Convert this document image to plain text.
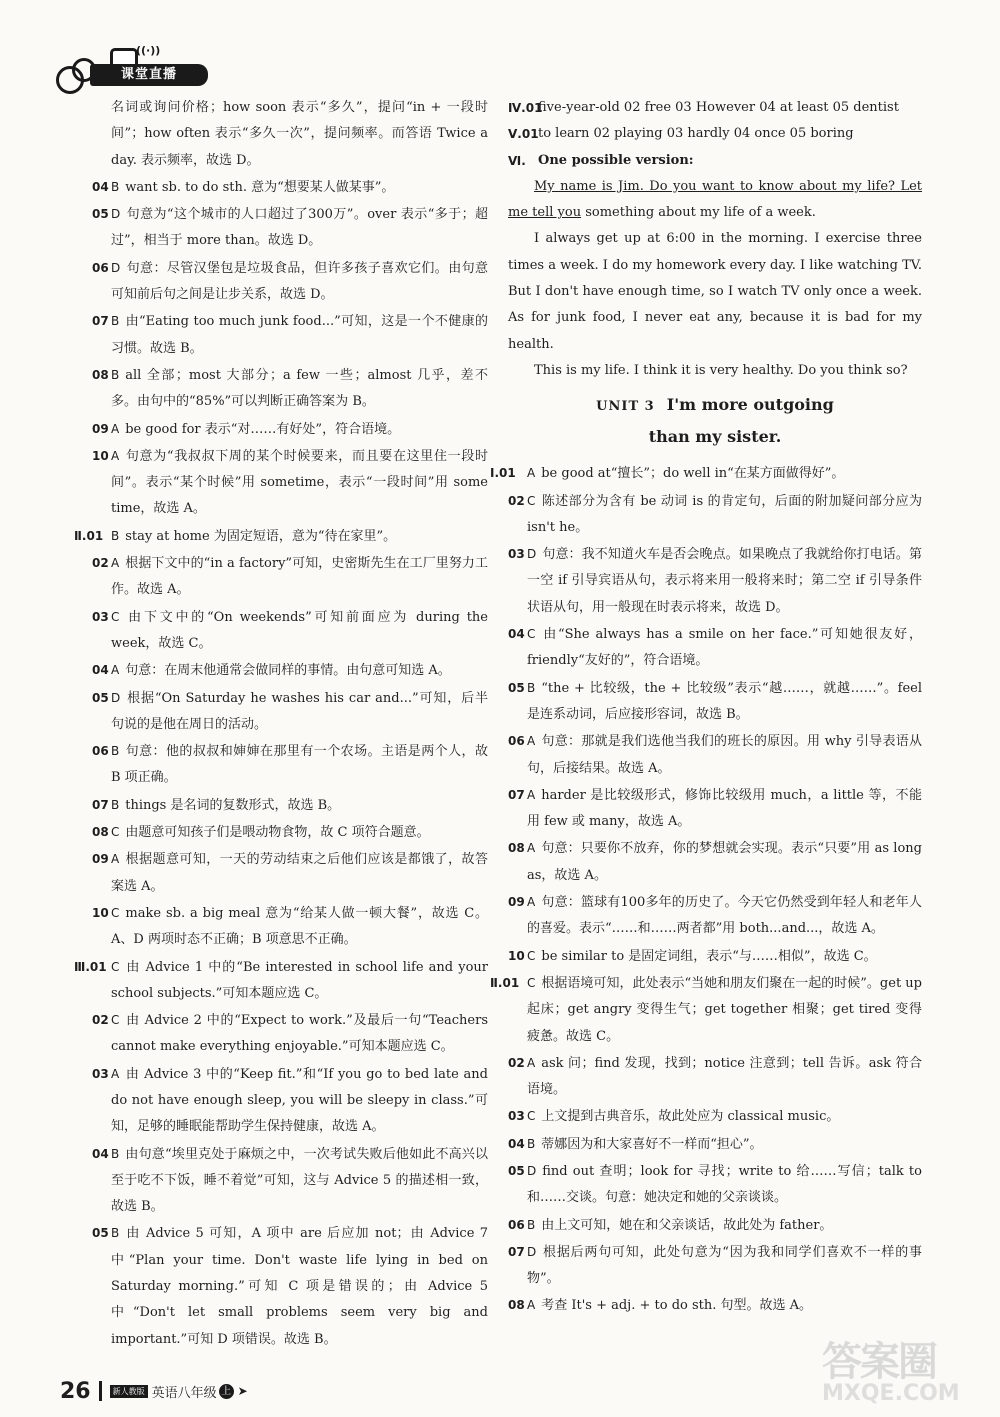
((·))
课堂直播
名词或询问价格；how soon 表示“多久”，提问“in + 一段时间”；how often 表示“多久一次”，提问频率。而答语 Twice a day. 表示频率，故选 D。
04 B want sb. to do sth. 意为“想要某人做某事”。
05 D 句意为“这个城市的人口超过了300万”。over 表示“多于；超过”，相当于 more than。故选 D。
06 D 句意：尽管汉堡包是垃圾食品，但许多孩子喜欢它们。由句意可知前后句之间是让步关系，故选 D。
07 B 由“Eating too much junk food...”可知，这是一个不健康的习惯。故选 B。
08 B all 全部；most 大部分；a few 一些；almost 几乎，差不多。由句中的“85%”可以判断正确答案为 B。
09 A be good for 表示“对……有好处”，符合语境。
10 A 句意为“我叔叔下周的某个时候要来，而且要在这里住一段时间”。表示“某个时候”用 sometime，表示“一段时间”用 some time，故选 A。
Ⅱ.01 B stay at home 为固定短语，意为“待在家里”。
02 A 根据下文中的“in a factory”可知，史密斯先生在工厂里努力工作。故选 A。
03 C 由下文中的“On weekends”可知前面应为 during the week，故选 C。
04 A 句意：在周末他通常会做同样的事情。由句意可知选 A。
05 D 根据“On Saturday he washes his car and...”可知，后半句说的是他在周日的活动。
06 B 句意：他的叔叔和婶婶在那里有一个农场。主语是两个人，故 B 项正确。
07 B things 是名词的复数形式，故选 B。
08 C 由题意可知孩子们是喂动物食物，故 C 项符合题意。
09 A 根据题意可知，一天的劳动结束之后他们应该是都饿了，故答案选 A。
10 C make sb. a big meal 意为“给某人做一顿大餐”，故选 C。A、D 两项时态不正确；B 项意思不正确。
Ⅲ.01 C 由 Advice 1 中的“Be interested in school life and your school subjects.”可知本题应选 C。
02 C 由 Advice 2 中的“Expect to work.”及最后一句“Teachers cannot make everything enjoyable.”可知本题应选 C。
03 A 由 Advice 3 中的“Keep fit.”和“If you go to bed late and do not have enough sleep, you will be sleepy in class.”可知，足够的睡眠能帮助学生保持健康，故选 A。
04 B 由句意“埃里克处于麻烦之中，一次考试失败后他如此不高兴以至于吃不下饭，睡不着觉”可知，这与 Advice 5 的描述相一致，故选 B。
05 B 由 Advice 5 可知，A 项中 are 后应加 not；由 Advice 7 中“Plan your time. Don't waste life lying in bed on Saturday morning.”可知 C 项是错误的；由 Advice 5 中“Don't let small problems seem very big and important.”可知 D 项错误。故选 B。
Ⅳ.01
five-year-old 02 free 03 However 04 at least 05 dentist
Ⅴ.01 to learn 02 playing 03 hardly 04 once 05 boring
Ⅵ. One possible version:
My name is Jim. Do you want to know about my life? Let me tell you something about my life of a week.
I always get up at 6:00 in the morning. I exercise three times a week. I do my homework every day. I like watching TV. But I don't have enough time, so I watch TV only once a week. As for junk food, I never eat any, because it is bad for my health.
This is my life. I think it is very healthy. Do you think so?
UNIT 3 I'm more outgoing
than my sister.
Ⅰ.01 A be good at“擅长”；do well in“在某方面做得好”。
02 C 陈述部分为含有 be 动词 is 的肯定句，后面的附加疑问部分应为 isn't he。
03 D 句意：我不知道火车是否会晚点。如果晚点了我就给你打电话。第一空 if 引导宾语从句，表示将来用一般将来时；第二空 if 引导条件状语从句，用一般现在时表示将来，故选 D。
04 C 由“She always has a smile on her face.”可知她很友好，friendly“友好的”，符合语境。
05 B “the + 比较级，the + 比较级”表示“越……，就越……”。feel 是连系动词，后应接形容词，故选 B。
06 A 句意：那就是我们选他当我们的班长的原因。用 why 引导表语从句，后接结果。故选 A。
07 A harder 是比较级形式，修饰比较级用 much，a little 等，不能用 few 或 many，故选 A。
08 A 句意：只要你不放弃，你的梦想就会实现。表示“只要”用 as long as，故选 A。
09 A 句意：篮球有100多年的历史了。今天它仍然受到年轻人和老年人的喜爱。表示“……和……两者都”用 both...and...，故选 A。
10 C be similar to 是固定词组，表示“与……相似”，故选 C。
Ⅱ.01 C 根据语境可知，此处表示“当她和朋友们聚在一起的时候”。get up 起床；get angry 变得生气；get together 相聚；get tired 变得疲惫。故选 C。
02 A ask 问；find 发现，找到；notice 注意到；tell 告诉。ask 符合语境。
03 C 上文提到古典音乐，故此处应为 classical music。
04 B 蒂娜因为和大家喜好不一样而“担心”。
05 D find out 查明；look for 寻找；write to 给……写信；talk to 和……交谈。句意：她决定和她的父亲谈谈。
06 B 由上文可知，她在和父亲谈话，故此处为 father。
07 D 根据后两句可知，此处句意为“因为我和同学们喜欢不一样的事物”。
08 A 考查 It's + adj. + to do sth. 句型。故选 A。
26	新人教版 英语八年级 上 ➤
答案圈
MXQE.COM
